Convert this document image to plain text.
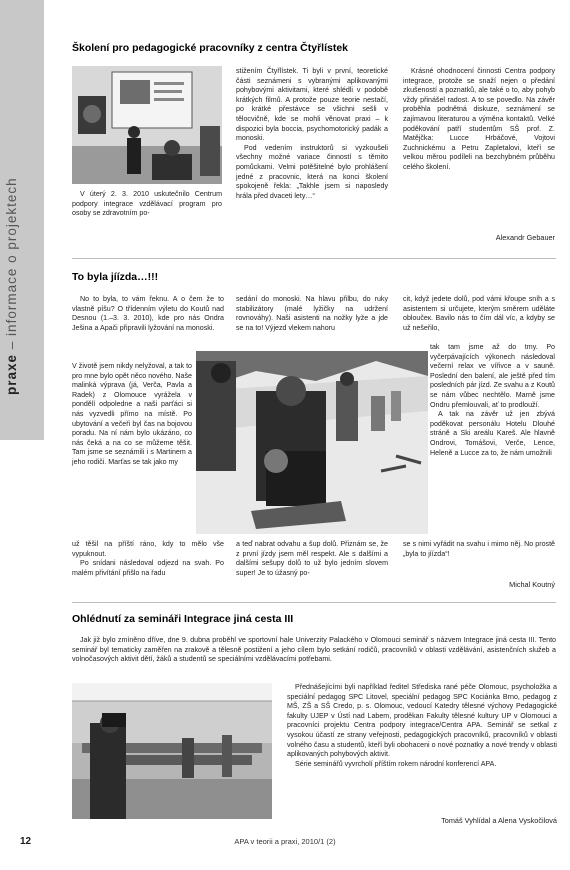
praxe – informace o projektech
Školení pro pedagogické pracovníky z centra Čtyřlístek

V úterý 2. 3. 2010 uskutečnilo Centrum podpory integrace vzdělávací program pro osoby se zdravotním po-

stižením Čtyřlístek. Ti byli v první, teoretické části seznámeni s vybranými aplikovanými pohybovými aktivitami, které shlédli v podobě krátkých filmů. A protože pouze teorie nestačí, po krátké přestávce se všichni sešli v tělocvičně, kde se mohli věnovat praxi – k dispozici byla boccia, psychomotorický padák a monoski.

Pod vedením instruktorů si vyzkoušeli všechny možné variace činností s těmito pomůckami. Velmi potěšitelné bylo prohlášení jedné z pracovnic, která na konci školení spokojeně řekla: „Takhle jsem si naposledy hrála před dvaceti lety…“

Krásné ohodnocení činnosti Centra podpory integrace, protože se snaží nejen o předání zkušeností a poznatků, ale také o to, aby pohyb vždy přinášel radost. A to se povedlo. Na závěr proběhla podnětná diskuze, seznámení se zajímavou literaturou a výměna kontaktů. Velké poděkování patří studentům SŠ prof. Z. Matějčka: Lucce Hrbáčové, Vojtovi Zuchnickému a Petru Zapletalovi, kteří se velkou měrou podíleli na bezchybném průběhu celého školení.

Alexandr Gebauer
To byla jíízda…!!!

No to byla, to vám řeknu. A o čem že to vlastně píšu? O třídenním výletu do Koutů nad Desnou (1.–3. 3. 2010), kde pro nás Ondra Ješina a Apači připravili lyžování na monoski.

V životě jsem nikdy nelyžoval, a tak to pro mne bylo opět něco nového. Naše malinká výprava (já, Verča, Pavla a Radek) z Olomouce vyrážela v pondělí odpoledne a naši parťáci si nás vyzvedli přímo na místě. Po ubytování a večeři byl čas na bojovou poradu. Na ní nám bylo ukázáno, co nás čeká a na co se můžeme těšit. Tam jsme se seznámili i s Martinem a jeho rodiči. Marťas se tak jako my

už těšil na příští ráno, kdy to mělo vše vypuknout.

Po snídani následoval odjezd na svah. Po malém přivítání přišlo na řadu

sedání do monoski. Na hlavu přilbu, do ruky stabilizátory (malé lyžičky na udržení rovnováhy). Naši asistenti na nožky lyže a jde se na to! Výjezd vlekem nahoru

a teď nabrat odvahu a šup dolů. Přiznám se, že z první jízdy jsem měl respekt. Ale s dalšími a dalšími sešupy dolů to už bylo jedním slovem super! Je to úžasný po-

cit, když jedete dolů, pod vámi křoupe sníh a s asistentem si určujete, kterým směrem uděláte obloučeк. Bavilo nás to čím dál víc, a kdyby se už nešeřilo,

tak tam jsme až do tmy. Po vyčerpávajících výkonech následoval večerní relax ve vířivce a v sauně. Poslední den balení, ale ještě před tím posledních pár jízd. Ze svahu a z Koutů se nám vůbec nechtělo. Marně jsme Ondru přemlouvali, ať to prodlouží.

A tak na závěr už jen zbývá poděkovat personálu Hotelu Dlouhé stráně a Ski areálu Kareš. Ale hlavně Ondrovi, Tomášovi, Verče, Lence, Heleně a Lucce za to, že nám umožnili

se s nimi vyřádit na svahu i mimo něj. No prostě „byla to jíízda“!

Michal Koutný
Ohlédnutí za semináři Integrace jiná cesta III

Jak již bylo zmíněno dříve, dne 9. dubna proběhl ve sportovní hale Univerzity Palackého v Olomouci seminář s názvem Integrace jiná cesta III. Tento seminář byl tematicky zaměřen na zrakově a tělesně postižení a jeho cílem bylo setkání rodičů, pracovníků v oblasti vzdělávání, asistenčních služeb a volnočasových aktivit dětí, žáků a studentů se speciálními vzdělávacími potřebami.

Přednášejícími byli například ředitel Střediska rané péče Olomouc, psycholožka a speciální pedagog SPC Litovel, speciální pedagog SPC Kociánka Brno, pedagog z MŠ, ZŠ a SŠ Credo, p. s. Olomouc, vedoucí Katedry tělesné výchovy Pedagogické fakulty UJEP v Ústí nad Labem, proděkan Fakulty tělesné kultury UP v Olomouci a pracovníci projektu Centra podpory integrace/Centra APA. Seminář se setkal z vysokou účastí ze strany veřejnosti, pedagogických pracovníků, pracovníků v oblasti volného času a studentů, kteří byli obohaceni o nové poznatky a nové trendy v oblasti aplikovaných pohybových aktivit.

Série seminářů vyvrcholí příštím rokem národní konferencí APA.

Tomáš Vyhlídal a Alena Vyskočilová
12	APA v teorii a praxi, 2010/1 (2)
